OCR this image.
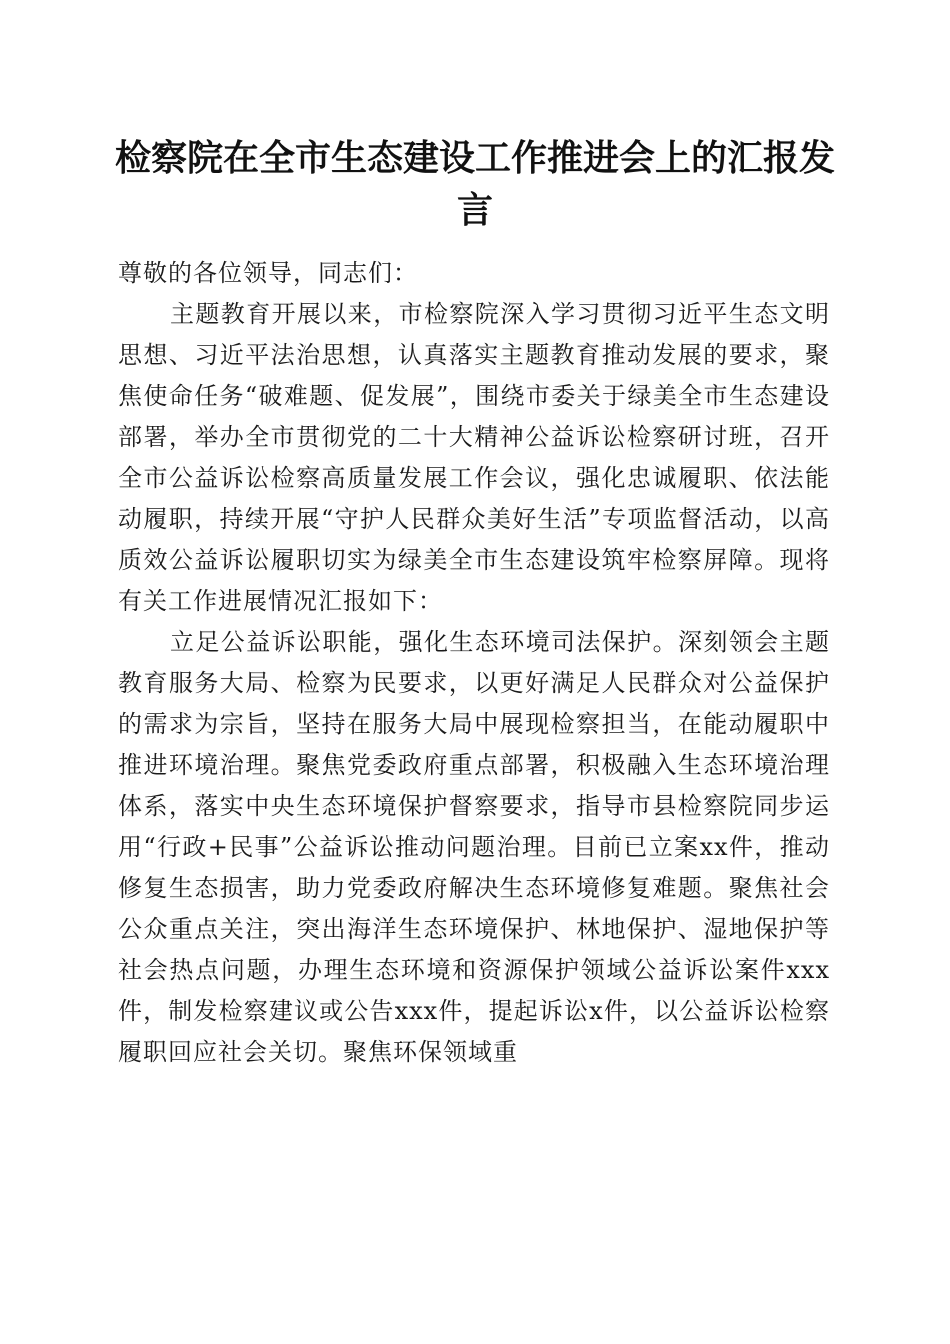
检察院在全市生态建设工作推进会上的汇报发言

尊敬的各位领导，同志们：

主题教育开展以来，市检察院深入学习贯彻习近平生态文明思想、习近平法治思想，认真落实主题教育推动发展的要求，聚焦使命任务“破难题、促发展”，围绕市委关于绿美全市生态建设部署，举办全市贯彻党的二十大精神公益诉讼检察研讨班，召开全市公益诉讼检察高质量发展工作会议，强化忠诚履职、依法能动履职，持续开展“守护人民群众美好生活”专项监督活动，以高质效公益诉讼履职切实为绿美全市生态建设筑牢检察屏障。现将有关工作进展情况汇报如下：

立足公益诉讼职能，强化生态环境司法保护。深刻领会主题教育服务大局、检察为民要求，以更好满足人民群众对公益保护的需求为宗旨，坚持在服务大局中展现检察担当，在能动履职中推进环境治理。聚焦党委政府重点部署，积极融入生态环境治理体系，落实中央生态环境保护督察要求，指导市县检察院同步运用“行政+民事”公益诉讼推动问题治理。目前已立案xx件，推动修复生态损害，助力党委政府解决生态环境修复难题。聚焦社会公众重点关注，突出海洋生态环境保护、林地保护、湿地保护等社会热点问题，办理生态环境和资源保护领域公益诉讼案件xxx件，制发检察建议或公告xxx件，提起诉讼x件，以公益诉讼检察履职回应社会关切。聚焦环保领域重
